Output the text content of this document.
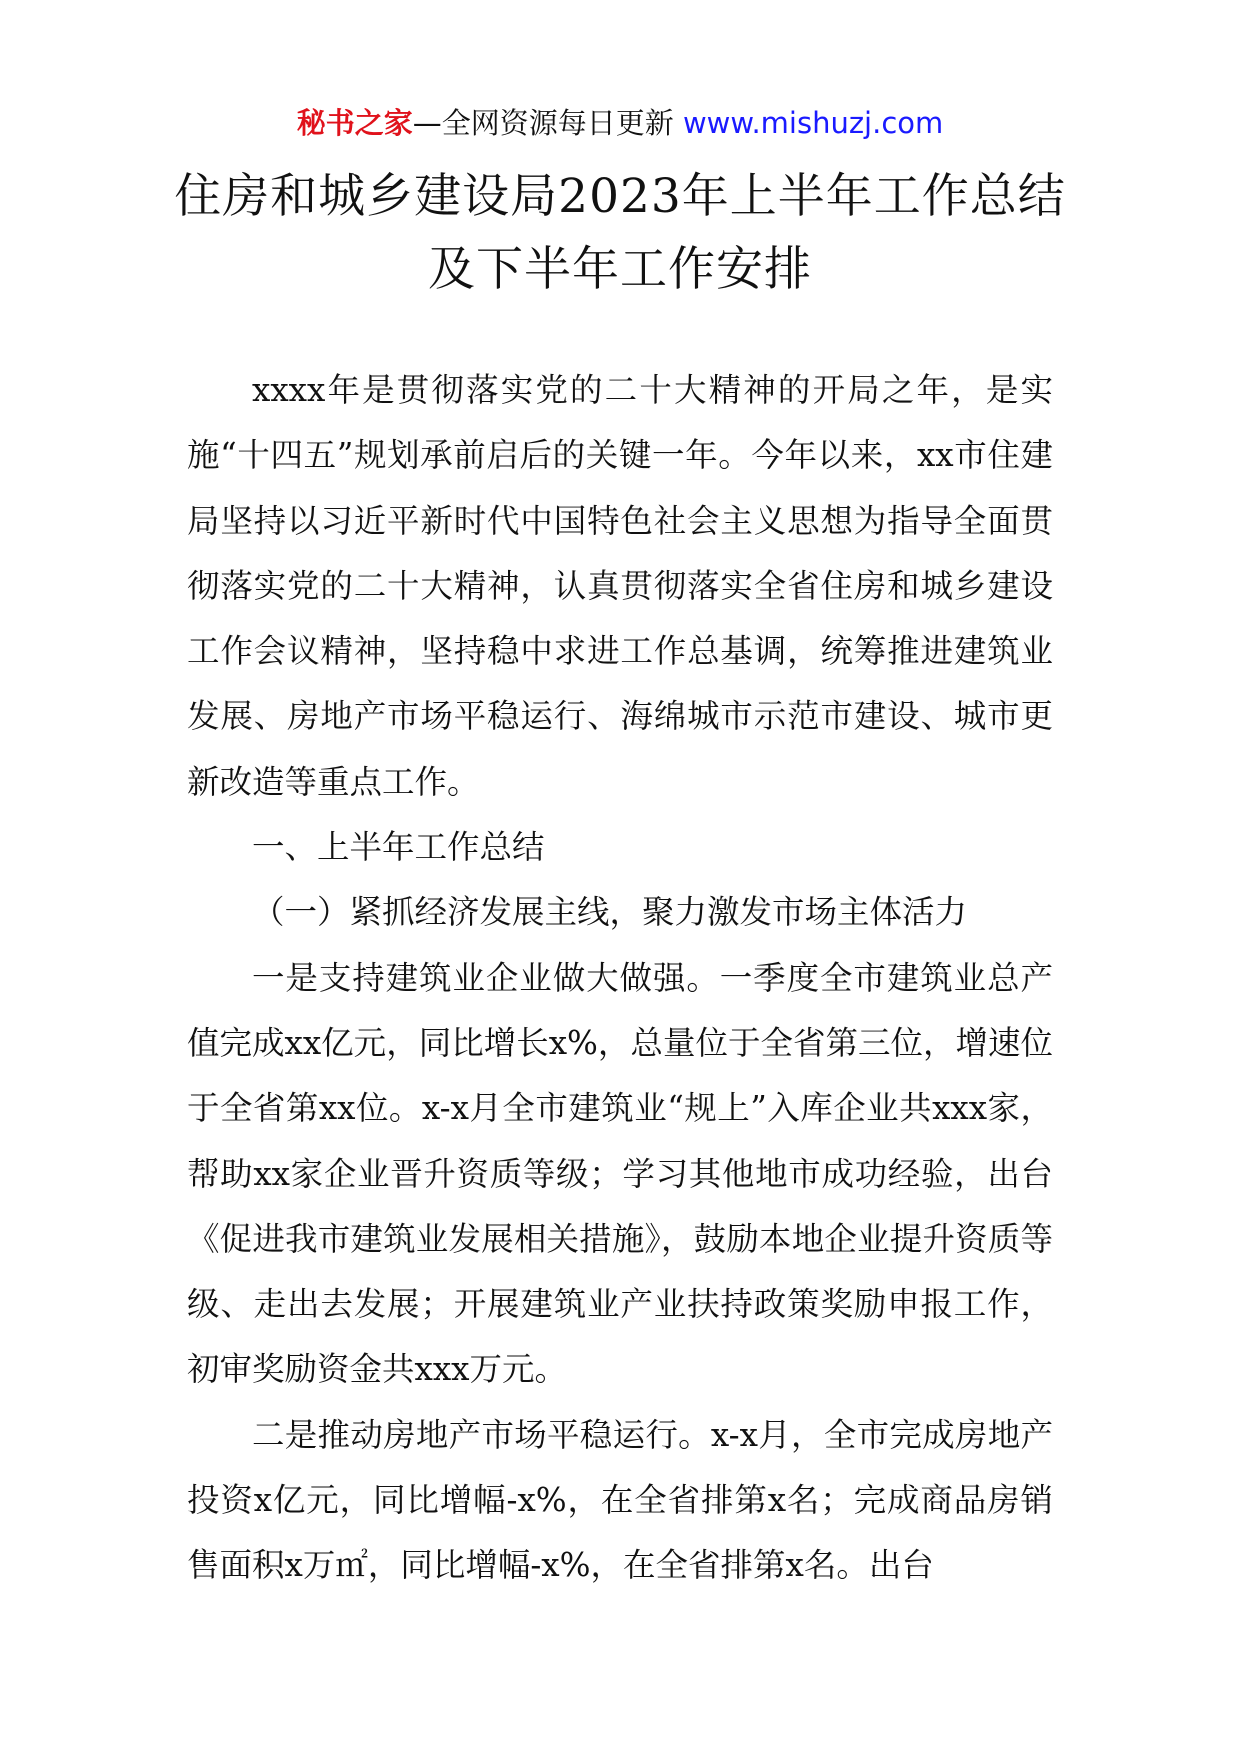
秘书之家—全网资源每日更新 www.mishuzj.com
住房和城乡建设局2023年上半年工作总结
及下半年工作安排

xxxx年是贯彻落实党的二十大精神的开局之年，是实施“十四五”规划承前启后的关键一年。今年以来，xx市住建局坚持以习近平新时代中国特色社会主义思想为指导全面贯彻落实党的二十大精神，认真贯彻落实全省住房和城乡建设工作会议精神，坚持稳中求进工作总基调，统筹推进建筑业发展、房地产市场平稳运行、海绵城市示范市建设、城市更新改造等重点工作。

一、上半年工作总结

（一）紧抓经济发展主线，聚力激发市场主体活力

一是支持建筑业企业做大做强。一季度全市建筑业总产值完成xx亿元，同比增长x%，总量位于全省第三位，增速位于全省第xx位。x-x月全市建筑业“规上”入库企业共xxx家，帮助xx家企业晋升资质等级；学习其他地市成功经验，出台《促进我市建筑业发展相关措施》，鼓励本地企业提升资质等级、走出去发展；开展建筑业产业扶持政策奖励申报工作，初审奖励资金共xxx万元。

二是推动房地产市场平稳运行。x-x月，全市完成房地产投资x亿元，同比增幅-x%，在全省排第x名；完成商品房销售面积x万㎡，同比增幅-x%，在全省排第x名。出台
